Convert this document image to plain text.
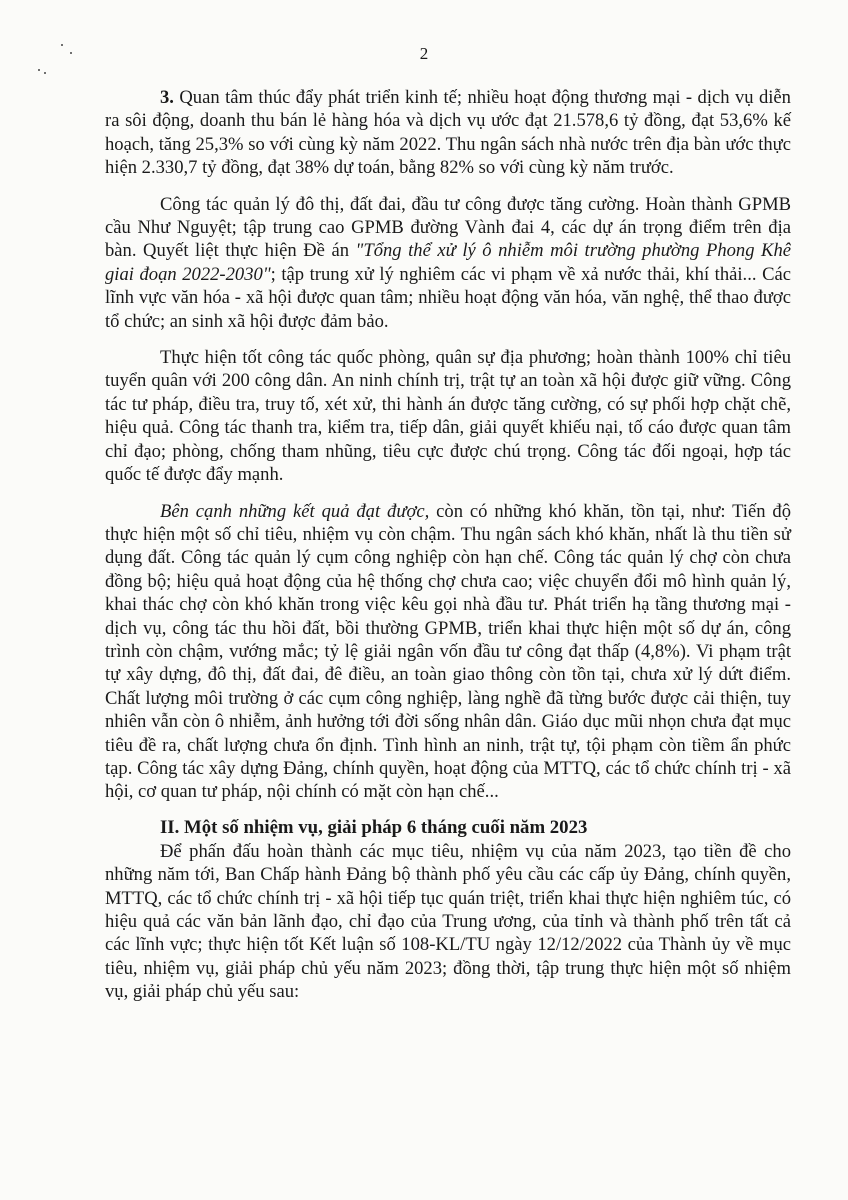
2

3. Quan tâm thúc đẩy phát triển kinh tế; nhiều hoạt động thương mại - dịch vụ diễn ra sôi động, doanh thu bán lẻ hàng hóa và dịch vụ ước đạt 21.578,6 tỷ đồng, đạt 53,6% kế hoạch, tăng 25,3% so với cùng kỳ năm 2022. Thu ngân sách nhà nước trên địa bàn ước thực hiện 2.330,7 tỷ đồng, đạt 38% dự toán, bằng 82% so với cùng kỳ năm trước.

Công tác quản lý đô thị, đất đai, đầu tư công được tăng cường. Hoàn thành GPMB cầu Như Nguyệt; tập trung cao GPMB đường Vành đai 4, các dự án trọng điểm trên địa bàn. Quyết liệt thực hiện Đề án "Tổng thể xử lý ô nhiễm môi trường phường Phong Khê giai đoạn 2022-2030"; tập trung xử lý nghiêm các vi phạm về xả nước thải, khí thải... Các lĩnh vực văn hóa - xã hội được quan tâm; nhiều hoạt động văn hóa, văn nghệ, thể thao được tổ chức; an sinh xã hội được đảm bảo.

Thực hiện tốt công tác quốc phòng, quân sự địa phương; hoàn thành 100% chỉ tiêu tuyển quân với 200 công dân. An ninh chính trị, trật tự an toàn xã hội được giữ vững. Công tác tư pháp, điều tra, truy tố, xét xử, thi hành án được tăng cường, có sự phối hợp chặt chẽ, hiệu quả. Công tác thanh tra, kiểm tra, tiếp dân, giải quyết khiếu nại, tố cáo được quan tâm chỉ đạo; phòng, chống tham nhũng, tiêu cực được chú trọng. Công tác đối ngoại, hợp tác quốc tế được đẩy mạnh.

Bên cạnh những kết quả đạt được, còn có những khó khăn, tồn tại, như: Tiến độ thực hiện một số chỉ tiêu, nhiệm vụ còn chậm. Thu ngân sách khó khăn, nhất là thu tiền sử dụng đất. Công tác quản lý cụm công nghiệp còn hạn chế. Công tác quản lý chợ còn chưa đồng bộ; hiệu quả hoạt động của hệ thống chợ chưa cao; việc chuyển đổi mô hình quản lý, khai thác chợ còn khó khăn trong việc kêu gọi nhà đầu tư. Phát triển hạ tầng thương mại - dịch vụ, công tác thu hồi đất, bồi thường GPMB, triển khai thực hiện một số dự án, công trình còn chậm, vướng mắc; tỷ lệ giải ngân vốn đầu tư công đạt thấp (4,8%). Vi phạm trật tự xây dựng, đô thị, đất đai, đê điều, an toàn giao thông còn tồn tại, chưa xử lý dứt điểm. Chất lượng môi trường ở các cụm công nghiệp, làng nghề đã từng bước được cải thiện, tuy nhiên vẫn còn ô nhiễm, ảnh hưởng tới đời sống nhân dân. Giáo dục mũi nhọn chưa đạt mục tiêu đề ra, chất lượng chưa ổn định. Tình hình an ninh, trật tự, tội phạm còn tiềm ẩn phức tạp. Công tác xây dựng Đảng, chính quyền, hoạt động của MTTQ, các tổ chức chính trị - xã hội, cơ quan tư pháp, nội chính có mặt còn hạn chế...

II. Một số nhiệm vụ, giải pháp 6 tháng cuối năm 2023

Để phấn đấu hoàn thành các mục tiêu, nhiệm vụ của năm 2023, tạo tiền đề cho những năm tới, Ban Chấp hành Đảng bộ thành phố yêu cầu các cấp ủy Đảng, chính quyền, MTTQ, các tổ chức chính trị - xã hội tiếp tục quán triệt, triển khai thực hiện nghiêm túc, có hiệu quả các văn bản lãnh đạo, chỉ đạo của Trung ương, của tỉnh và thành phố trên tất cả các lĩnh vực; thực hiện tốt Kết luận số 108-KL/TU ngày 12/12/2022 của Thành ủy về mục tiêu, nhiệm vụ, giải pháp chủ yếu năm 2023; đồng thời, tập trung thực hiện một số nhiệm vụ, giải pháp chủ yếu sau:
